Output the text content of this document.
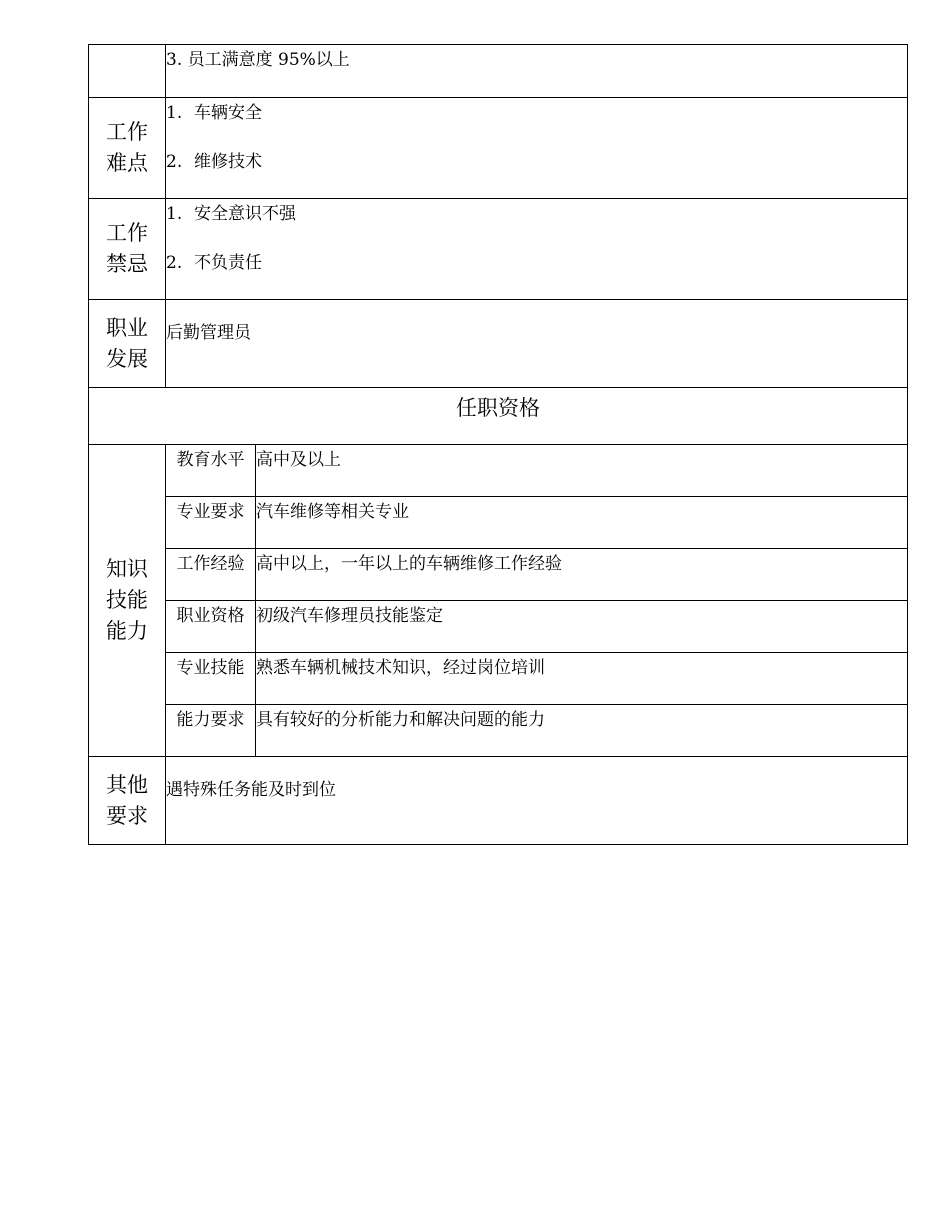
	3. 员工满意度 95%以上	

工作
难点	1. 车辆安全
2. 维修技术	

工作
禁忌	1. 安全意识不强
2. 不负责任	

职业
发展	后勤管理员	
任职资格		

知识
技能
能力	教育水平	高中及以上
	专业要求	汽车维修等相关专业
	工作经验	高中以上，一年以上的车辆维修工作经验
	职业资格	初级汽车修理员技能鉴定
	专业技能	熟悉车辆机械技术知识，经过岗位培训
	能力要求	具有较好的分析能力和解决问题的能力

其他
要求	遇特殊任务能及时到位	
